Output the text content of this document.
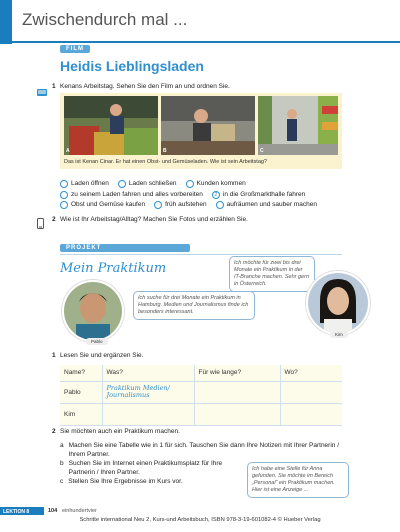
Zwischendurch mal ...
FILM
Heidis Lieblingsladen
1 Kenans Arbeitstag. Sehen Sie den Film an und ordnen Sie.
A	B	C
Das ist Kenan Cinar. Er hat einen Obst- und Gemüseladen. Wie ist sein Arbeitstag?
Laden öffnen	Laden schließen	Kunden kommen
zu seinem Laden fahren und alles vorbereiten	2 in die Großmarkthalle fahren
Obst und Gemüse kaufen	früh aufstehen	aufräumen und sauber machen
2 Wie ist Ihr Arbeitstag/Alltag? Machen Sie Fotos und erzählen Sie.
PROJEKT
Mein Praktikum	Ich möchte für zwei bis drei Monate ein Praktikum in der IT-Branche machen. Sehr gern in Österreich.
Ich suche für drei Monate ein Praktikum in Hamburg. Medien und Journalismus finde ich besonders interessant.
Pablo
Kim
1 Lesen Sie und ergänzen Sie.
Name?	Was?	Für wie lange?	Wo?
Pablo	Praktikum Medien/ Journalismus		
Kim			
2 Sie möchten auch ein Praktikum machen.
a Machen Sie eine Tabelle wie in 1 für sich. Tauschen Sie dann Ihre Notizen mit Ihrer Partnerin / Ihrem Partner.
b Suchen Sie im Internet einen Praktikumsplatz für Ihre Partnerin / Ihren Partner.
c Stellen Sie Ihre Ergebnisse im Kurs vor.
Ich habe eine Stelle für Anna gefunden. Sie möchte im Bereich „Personal“ ein Praktikum machen. Hier ist eine Anzeige ...
LEKTION 8	104 einhundertvier
Schritte international Neu 2, Kurs-und Arbeitsbuch, ISBN 978-3-19-601082-4 © Hueber Verlag
